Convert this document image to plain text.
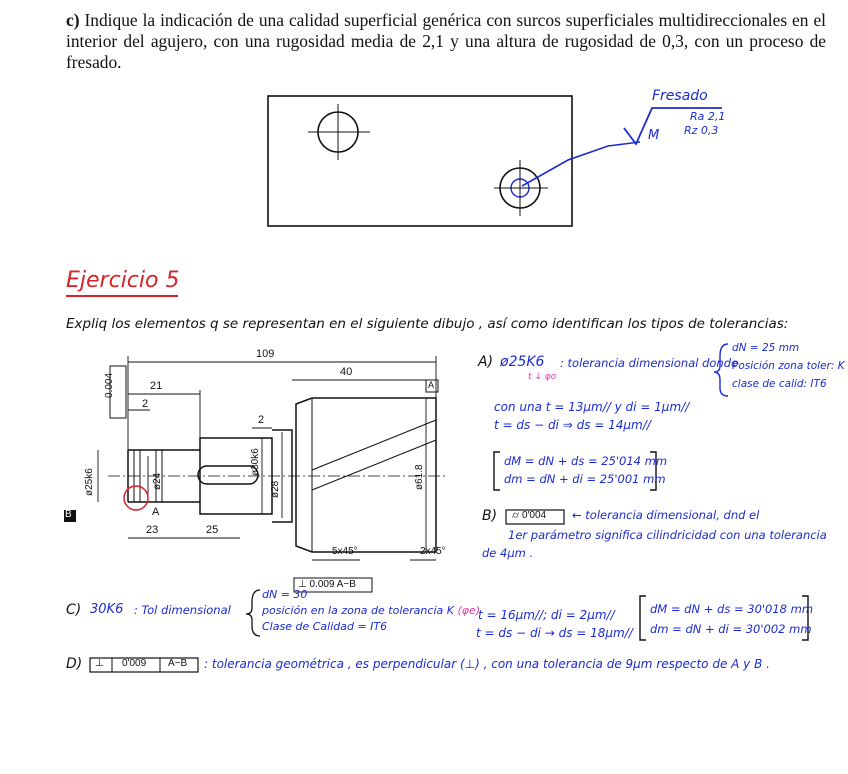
c) Indique la indicación de una calidad superficial genérica con surcos superficiales multidireccionales en el interior del agujero, con una rugosidad media de 2,1 y una altura de rugosidad de 0,3, con un proceso de fresado.
Fresado
Ra 2,1
Rz 0,3
M
Ejercicio 5
Expliq los elementos q se representan en el siguiente dibujo , así como identifican los tipos de tolerancias:
109
40
21
2
2
0.004	A
A
B
ø25k6	ø24	ø28
ø30k6
ø61.8
23	25
5x45°	2x45°
⊥ 0.009 A−B
A) ø25K6
t ↓ φo
: tolerancia dimensional donde
dN = 25 mm
Posición zona toler: K
clase de calid: IT6
con una t = 13μm// y di = 1μm//
t = ds − di ⇒ ds = 14μm//
dM = dN + ds = 25'014 mm
dm = dN + di = 25'001 mm
B) ⌭ 0'004 ← tolerancia dimensional, dnd el
1er parámetro significa cilindricidad con una tolerancia
de 4μm .
C) 30K6 : Tol dimensional
dN = 30
posición en la zona de tolerancia K (φe)
Clase de Calidad = IT6
t = 16μm//; di = 2μm//
t = ds − di → ds = 18μm//
dM = dN + ds = 30'018 mm
dm = dN + di = 30'002 mm
D) ⊥ 0'009 A−B : tolerancia geométrica , es perpendicular (⊥) , con una tolerancia de 9μm respecto de A y B .
